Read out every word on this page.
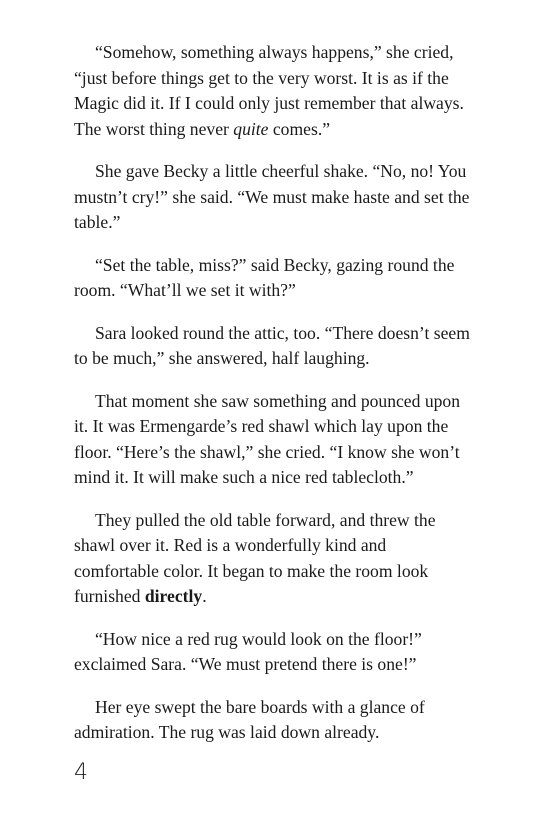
“Somehow, something always happens,” she cried, “just before things get to the very worst. It is as if the Magic did it. If I could only just remember that always. The worst thing never quite comes.”

She gave Becky a little cheerful shake. “No, no! You mustn’t cry!” she said. “We must make haste and set the table.”

“Set the table, miss?” said Becky, gazing round the room. “What’ll we set it with?”

Sara looked round the attic, too. “There doesn’t seem to be much,” she answered, half laughing.

That moment she saw something and pounced upon it. It was Ermengarde’s red shawl which lay upon the floor. “Here’s the shawl,” she cried. “I know she won’t mind it. It will make such a nice red tablecloth.”

They pulled the old table forward, and threw the shawl over it. Red is a wonderfully kind and comfortable color. It began to make the room look furnished directly.

“How nice a red rug would look on the floor!” exclaimed Sara. “We must pretend there is one!”

Her eye swept the bare boards with a glance of admiration. The rug was laid down already.

4
